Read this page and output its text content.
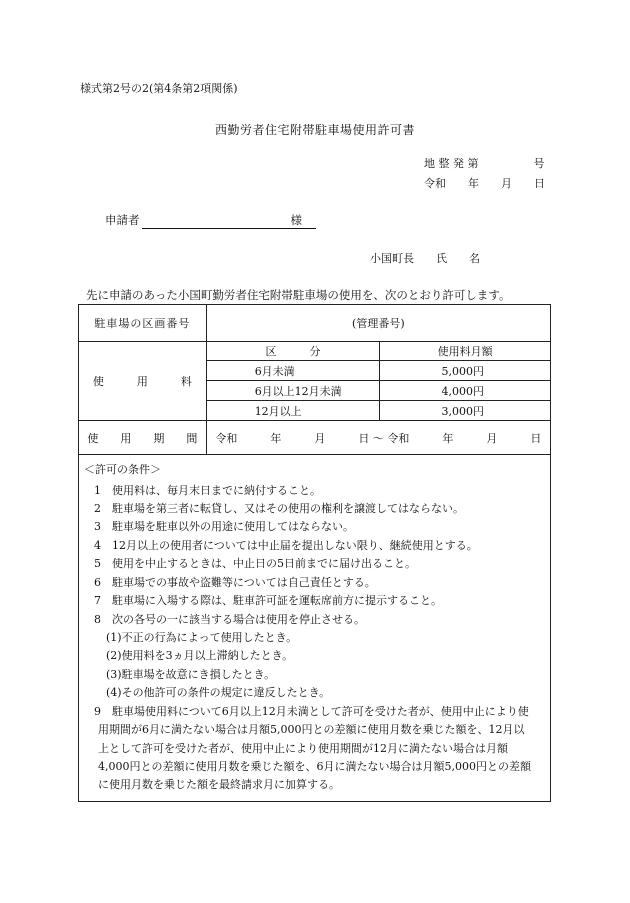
様式第2号の2(第4条第2項関係)
西勤労者住宅附帯駐車場使用許可書
地 整 発 第　　　　　号
令和　　年　　月　　日
申請者	様
小国町長　　氏　　名
先に申請のあった小国町勤労者住宅附帯駐車場の使用を、次のとおり許可します。
駐車場の区画番号	(管理番号)	
使　　　用　　　料	区　　　分	使用料月額
	6月未満	5,000円
	6月以上12月未満	4,000円
	12月以上	3,000円
使　　用　　期　　間	令和　　　年　　　月　　　日 ～ 令和　　　年　　　月　　　日	
＜許可の条件＞
1　使用料は、毎月末日までに納付すること。
2　駐車場を第三者に転貸し、又はその使用の権利を譲渡してはならない。
3　駐車場を駐車以外の用途に使用してはならない。
4　12月以上の使用者については中止届を提出しない限り、継続使用とする。
5　使用を中止するときは、中止日の5日前までに届け出ること。
6　駐車場での事故や盗難等については自己責任とする。
7　駐車場に入場する際は、駐車許可証を運転席前方に提示すること。
8　次の各号の一に該当する場合は使用を停止させる。
(1)不正の行為によって使用したとき。
(2)使用料を3ヵ月以上滞納したとき。
(3)駐車場を故意にき損したとき。
(4)その他許可の条件の規定に違反したとき。
9　駐車場使用料について6月以上12月未満として許可を受けた者が、使用中止により使
用期間が6月に満たない場合は月額5,000円との差額に使用月数を乗じた額を、12月以
上として許可を受けた者が、使用中止により使用期間が12月に満たない場合は月額
4,000円との差額に使用月数を乗じた額を、6月に満たない場合は月額5,000円との差額
に使用月数を乗じた額を最終請求月に加算する。
